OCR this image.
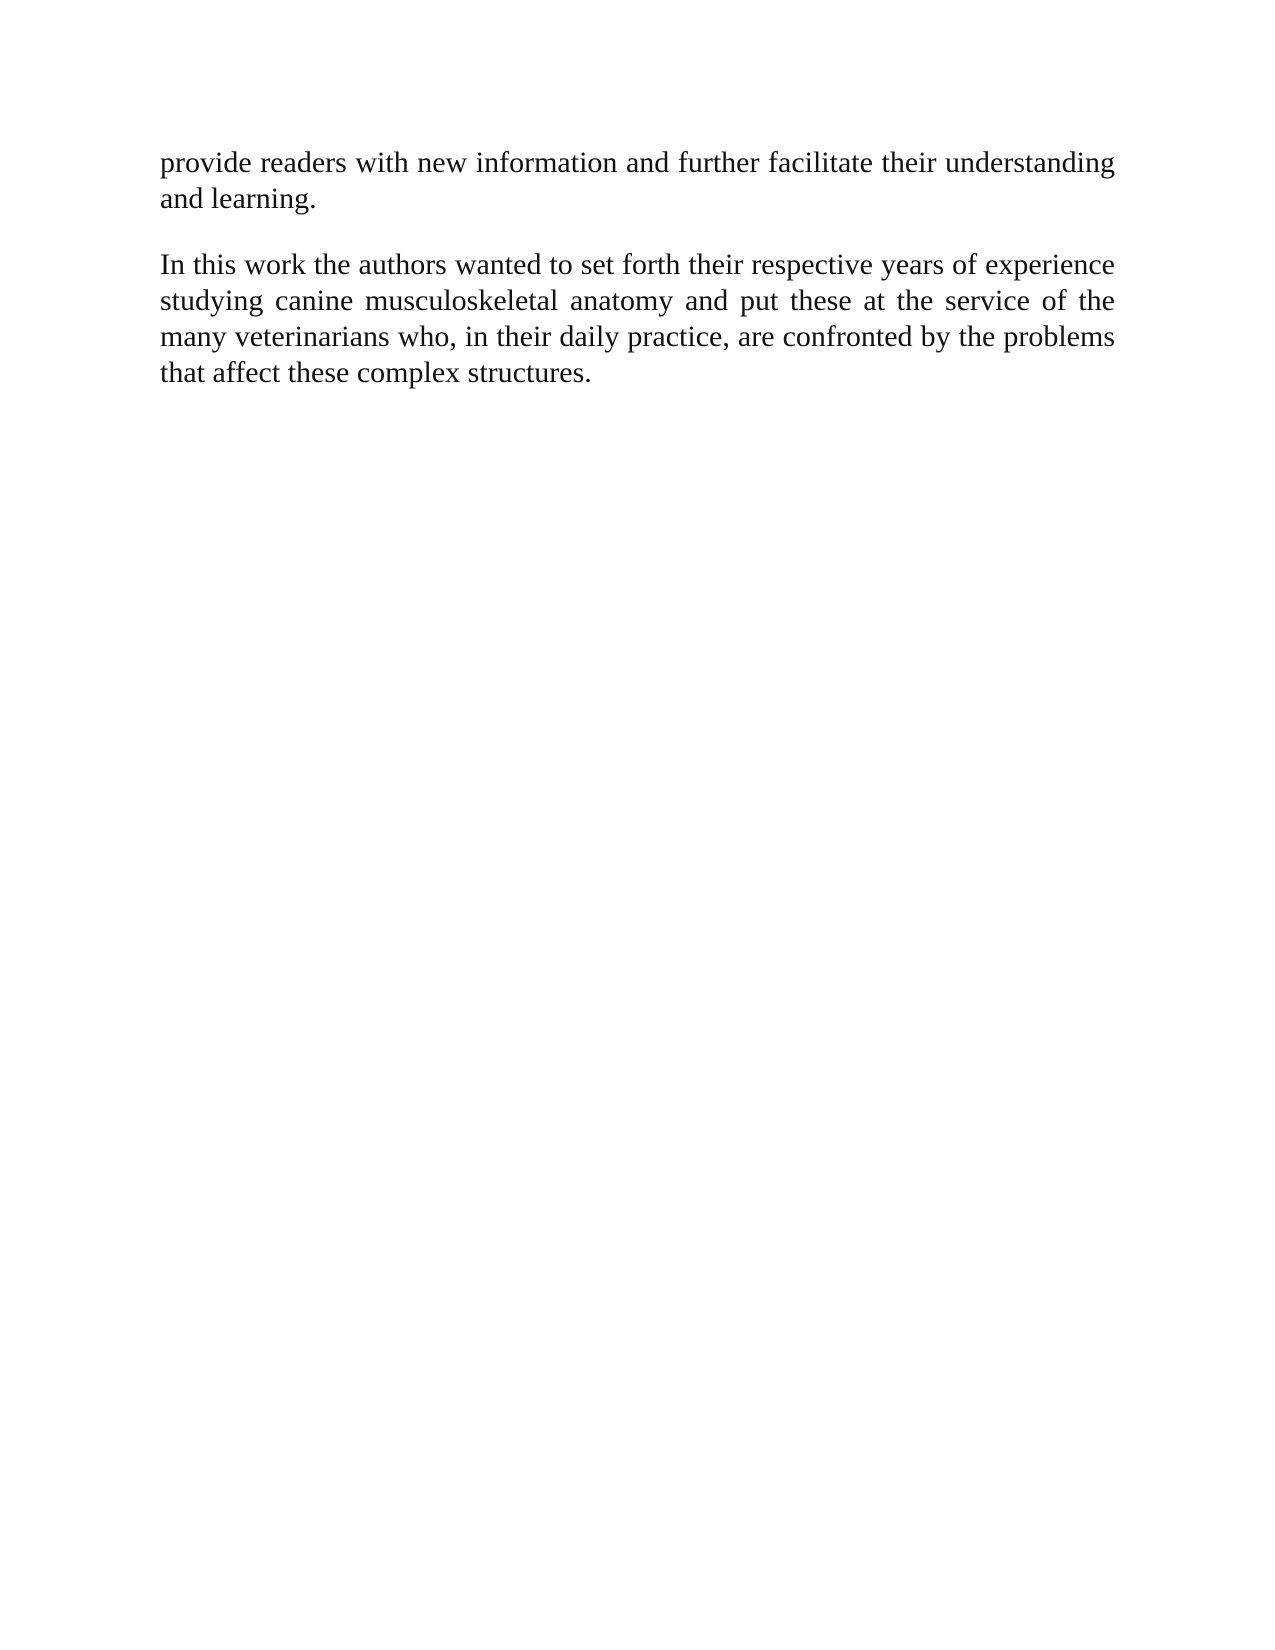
provide readers with new information and further facilitate their understanding and learning.

In this work the authors wanted to set forth their respective years of experience studying canine musculoskeletal anatomy and put these at the service of the many veterinarians who, in their daily practice, are confronted by the problems that affect these complex structures.
